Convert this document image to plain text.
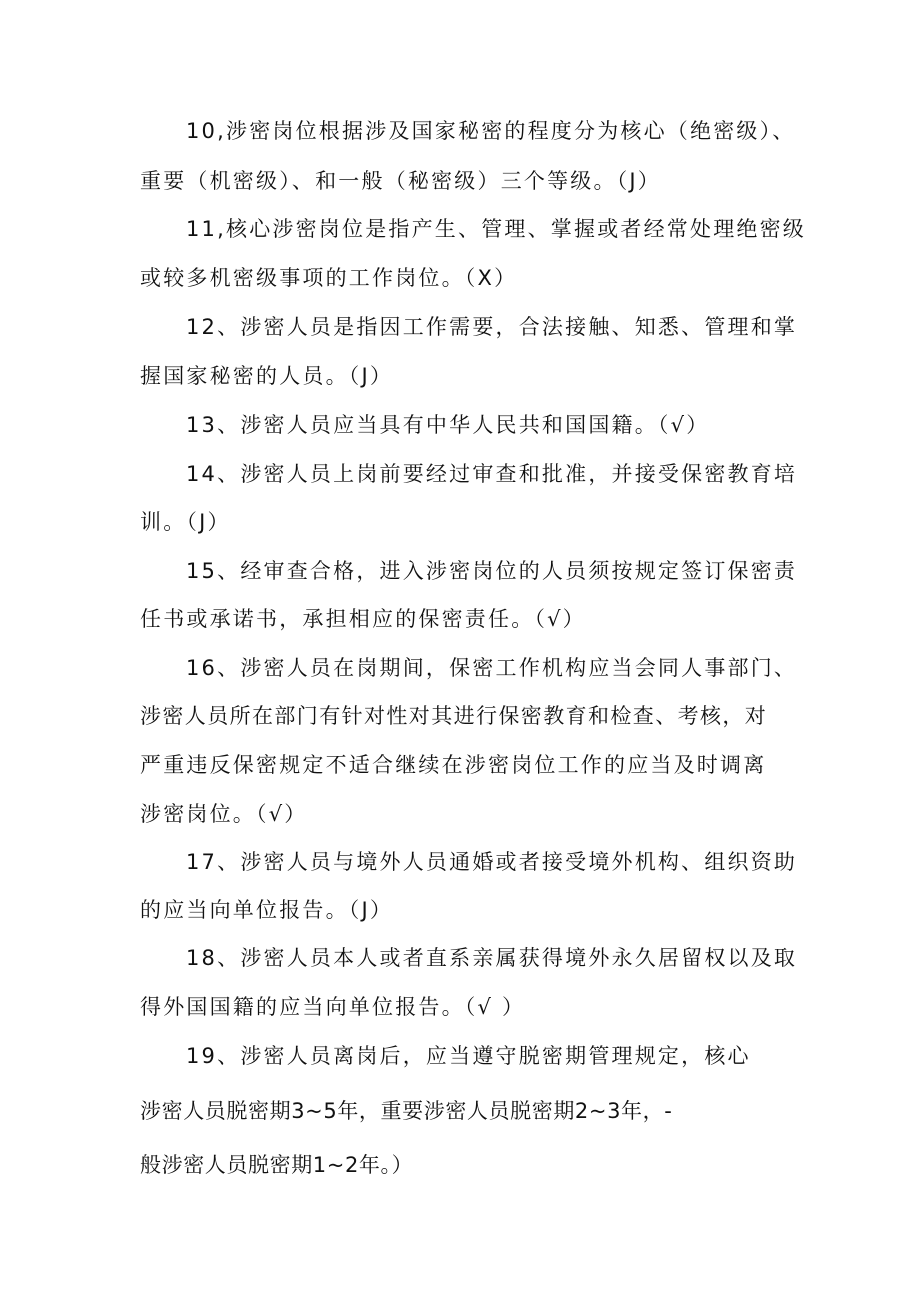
10,涉密岗位根据涉及国家秘密的程度分为核心（绝密级）、
重要（机密级）、和一般（秘密级）三个等级。（J）
11,核心涉密岗位是指产生、管理、掌握或者经常处理绝密级
或较多机密级事项的工作岗位。（X）
12、涉密人员是指因工作需要，合法接触、知悉、管理和掌
握国家秘密的人员。（J）
13、涉密人员应当具有中华人民共和国国籍。（√）
14、涉密人员上岗前要经过审查和批准，并接受保密教育培
训。（J）
15、经审查合格，进入涉密岗位的人员须按规定签订保密责
任书或承诺书，承担相应的保密责任。（√）
16、涉密人员在岗期间，保密工作机构应当会同人事部门、
涉密人员所在部门有针对性对其进行保密教育和检查、考核，对
严重违反保密规定不适合继续在涉密岗位工作的应当及时调离
涉密岗位。（√）
17、涉密人员与境外人员通婚或者接受境外机构、组织资助
的应当向单位报告。（J）
18、涉密人员本人或者直系亲属获得境外永久居留权以及取
得外国国籍的应当向单位报告。（√ ）
19、涉密人员离岗后，应当遵守脱密期管理规定，核心
涉密人员脱密期3~5年，重要涉密人员脱密期2~3年，-
般涉密人员脱密期1~2年。）
